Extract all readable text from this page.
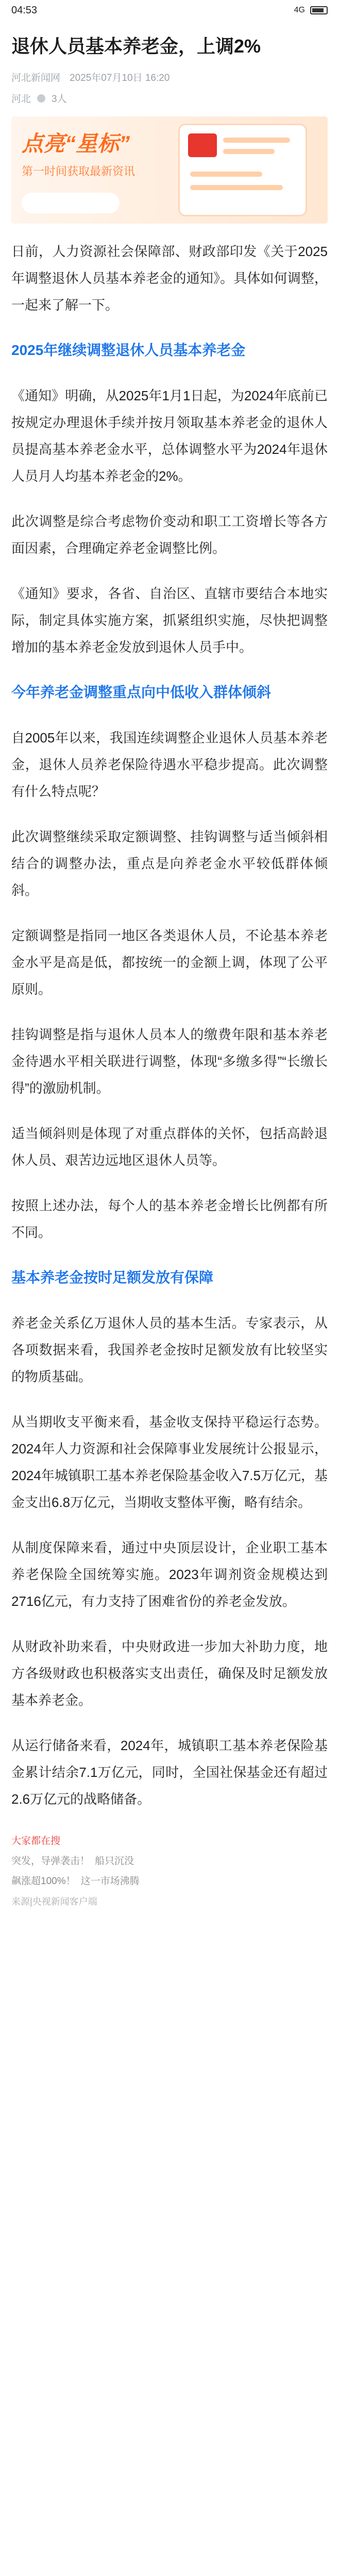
04:53	4G
退休人员基本养老金，上调2%
河北新闻网 2025年07月10日 16:20
河北 3人
点亮“星标”
第一时间获取最新资讯

日前，人力资源社会保障部、财政部印发《关于2025年调整退休人员基本养老金的通知》。具体如何调整，一起来了解一下。

2025年继续调整退休人员基本养老金

《通知》明确，从2025年1月1日起，为2024年底前已按规定办理退休手续并按月领取基本养老金的退休人员提高基本养老金水平，总体调整水平为2024年退休人员月人均基本养老金的2%。

此次调整是综合考虑物价变动和职工工资增长等各方面因素，合理确定养老金调整比例。

《通知》要求，各省、自治区、直辖市要结合本地实际，制定具体实施方案，抓紧组织实施，尽快把调整增加的基本养老金发放到退休人员手中。

今年养老金调整重点向中低收入群体倾斜

自2005年以来，我国连续调整企业退休人员基本养老金，退休人员养老保险待遇水平稳步提高。此次调整有什么特点呢？

此次调整继续采取定额调整、挂钩调整与适当倾斜相结合的调整办法，重点是向养老金水平较低群体倾斜。

定额调整是指同一地区各类退休人员，不论基本养老金水平是高是低，都按统一的金额上调，体现了公平原则。

挂钩调整是指与退休人员本人的缴费年限和基本养老金待遇水平相关联进行调整，体现“多缴多得”“长缴长得”的激励机制。

适当倾斜则是体现了对重点群体的关怀，包括高龄退休人员、艰苦边远地区退休人员等。

按照上述办法，每个人的基本养老金增长比例都有所不同。

基本养老金按时足额发放有保障

养老金关系亿万退休人员的基本生活。专家表示，从各项数据来看，我国养老金按时足额发放有比较坚实的物质基础。

从当期收支平衡来看，基金收支保持平稳运行态势。2024年人力资源和社会保障事业发展统计公报显示，2024年城镇职工基本养老保险基金收入7.5万亿元，基金支出6.8万亿元，当期收支整体平衡，略有结余。

从制度保障来看，通过中央顶层设计，企业职工基本养老保险全国统筹实施。2023年调剂资金规模达到2716亿元，有力支持了困难省份的养老金发放。

从财政补助来看，中央财政进一步加大补助力度，地方各级财政也积极落实支出责任，确保及时足额发放基本养老金。

从运行储备来看，2024年，城镇职工基本养老保险基金累计结余7.1万亿元，同时，全国社保基金还有超过2.6万亿元的战略储备。

大家都在搜
突发，导弹袭击！ 船只沉没
飙涨超100%！ 这一市场沸腾
来源|央视新闻客户端
